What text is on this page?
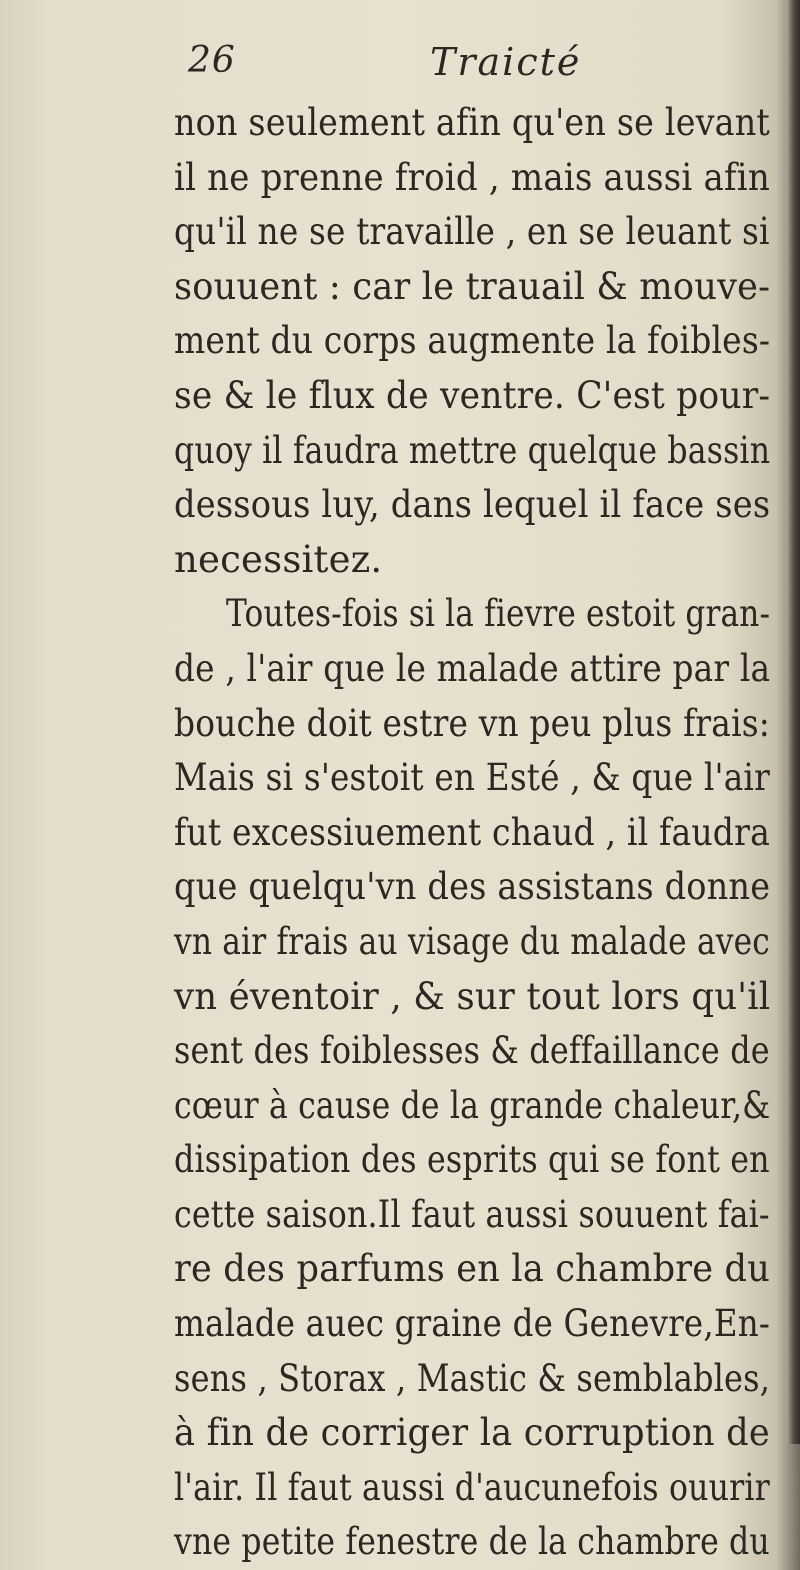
26	Traicté
non seulement afin qu'en se levant
il ne prenne froid , mais aussi afin
qu'il ne se travaille , en se leuant si
souuent : car le trauail & mouve-
ment du corps augmente la foibles-
se & le flux de ventre. C'est pour-
quoy il faudra mettre quelque bassin
dessous luy, dans lequel il face ses
necessitez.
Toutes-fois si la fievre estoit gran-
de , l'air que le malade attire par la
bouche doit estre vn peu plus frais:
Mais si s'estoit en Esté , & que l'air
fut excessiuement chaud , il faudra
que quelqu'vn des assistans donne
vn air frais au visage du malade avec
vn éventoir , & sur tout lors qu'il
sent des foiblesses & deffaillance de
cœur à cause de la grande chaleur,&
dissipation des esprits qui se font en
cette saison.Il faut aussi souuent fai-
re des parfums en la chambre du
malade auec graine de Genevre,En-
sens , Storax , Mastic & semblables,
à fin de corriger la corruption de
l'air. Il faut aussi d'aucunefois ouurir
vne petite fenestre de la chambre du
